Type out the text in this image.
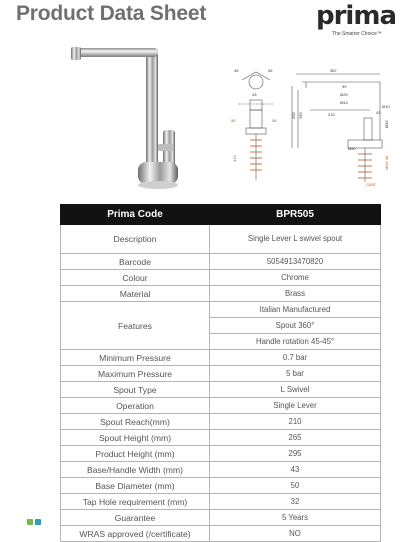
Product Data Sheet	prima
The Smarter Choice™
45	45
43
58	58
410
387
99
Ø29
Ø43
210
295 265	43
Ø10
Ø45
Ø50
MAX 40
G3/8"
Prima Code	BPR505
Description	Single Lever L swivel spout
Barcode	5054913470820
Colour	Chrome
Material	Brass
Features	Italian Manufactured
	Spout 360°
	Handle rotation 45-45°
Minimum Pressure	0.7 bar
Maximum Pressure	5 bar
Spout Type	L Swivel
Operation	Single Lever
Spout Reach(mm)	210
Spout Height (mm)	265
Product Height (mm)	295
Base/Handle Width (mm)	43
Base Diameter (mm)	50
Tap Hole requirement (mm)	32
Guarantee	5 Years
WRAS approved (/certificate)	NO
